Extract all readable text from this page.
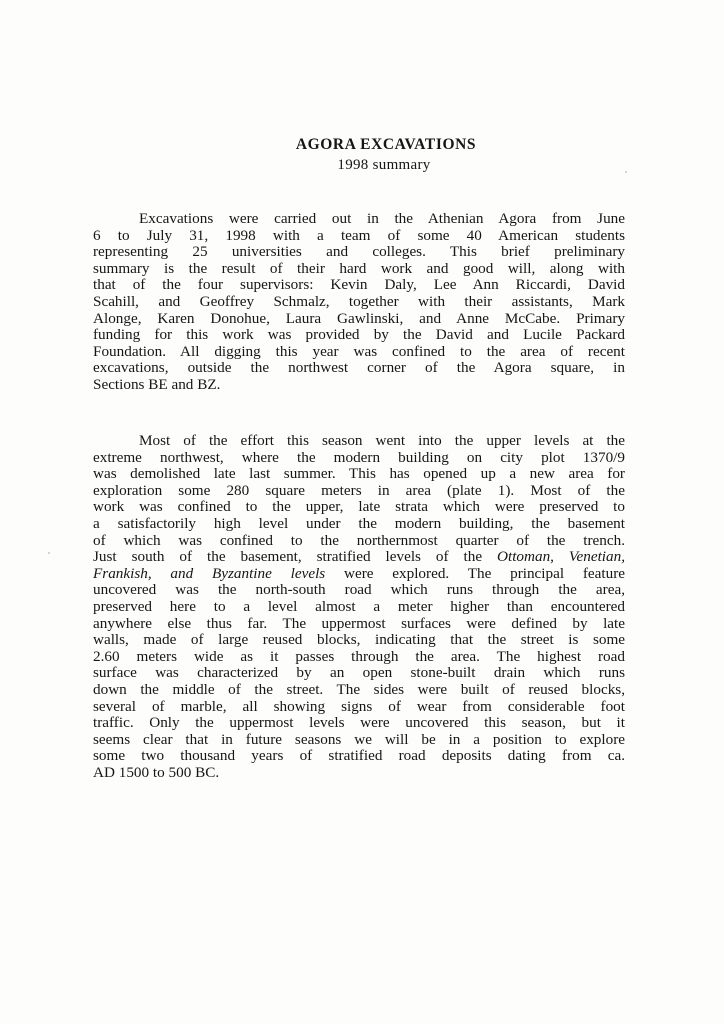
AGORA EXCAVATIONS
1998 summary
Excavations were carried out in the Athenian Agora from June
6 to July 31, 1998 with a team of some 40 American students
representing 25 universities and colleges. This brief preliminary
summary is the result of their hard work and good will, along with
that of the four supervisors: Kevin Daly, Lee Ann Riccardi, David
Scahill, and Geoffrey Schmalz, together with their assistants, Mark
Alonge, Karen Donohue, Laura Gawlinski, and Anne McCabe. Primary
funding for this work was provided by the David and Lucile Packard
Foundation. All digging this year was confined to the area of recent
excavations, outside the northwest corner of the Agora square, in
Sections BE and BZ.
Most of the effort this season went into the upper levels at the
extreme northwest, where the modern building on city plot 1370/9
was demolished late last summer. This has opened up a new area for
exploration some 280 square meters in area (plate 1). Most of the
work was confined to the upper, late strata which were preserved to
a satisfactorily high level under the modern building, the basement
of which was confined to the northernmost quarter of the trench.
Just south of the basement, stratified levels of the Ottoman, Venetian,
Frankish, and Byzantine levels were explored. The principal feature
uncovered was the north-south road which runs through the area,
preserved here to a level almost a meter higher than encountered
anywhere else thus far. The uppermost surfaces were defined by late
walls, made of large reused blocks, indicating that the street is some
2.60 meters wide as it passes through the area. The highest road
surface was characterized by an open stone-built drain which runs
down the middle of the street. The sides were built of reused blocks,
several of marble, all showing signs of wear from considerable foot
traffic. Only the uppermost levels were uncovered this season, but it
seems clear that in future seasons we will be in a position to explore
some two thousand years of stratified road deposits dating from ca.
AD 1500 to 500 BC.
